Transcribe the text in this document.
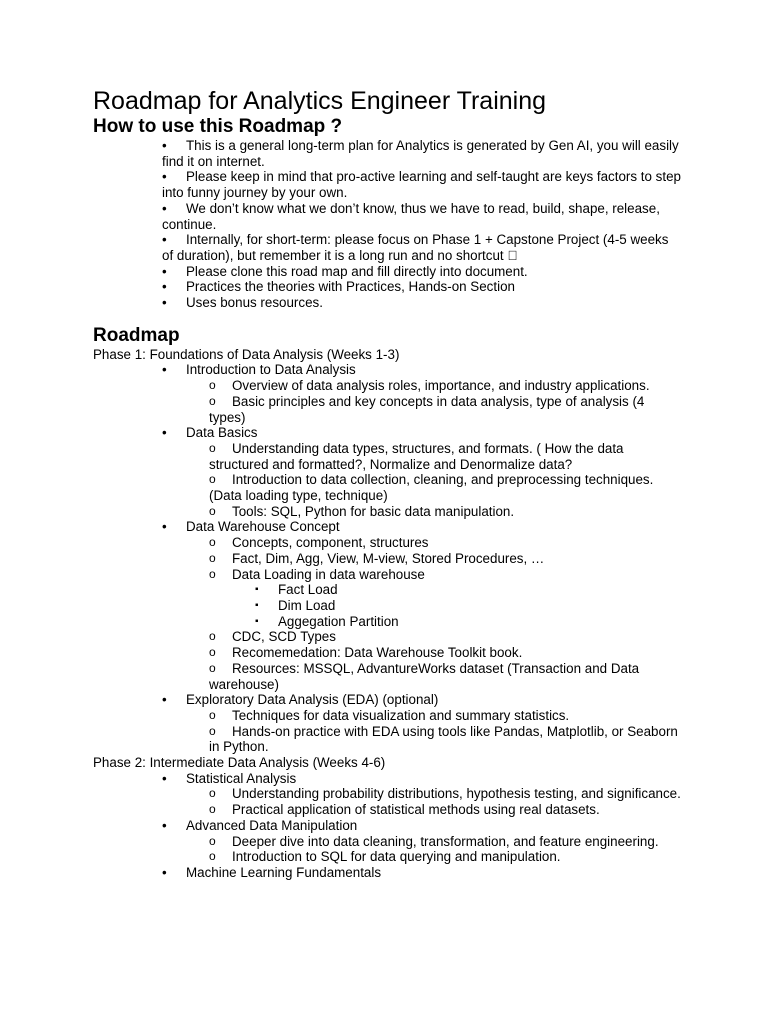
Roadmap for Analytics Engineer Training
How to use this Roadmap ?
• This is a general long-term plan for Analytics is generated by Gen AI, you will easily find it on internet.
• Please keep in mind that pro-active learning and self-taught are keys factors to step into funny journey by your own.
• We don’t know what we don’t know, thus we have to read, build, shape, release, continue.
• Internally, for short-term: please focus on Phase 1 + Capstone Project (4-5 weeks of duration), but remember it is a long run and no shortcut
• Please clone this road map and fill directly into document.
• Practices the theories with Practices, Hands-on Section
• Uses bonus resources.
Roadmap
Phase 1: Foundations of Data Analysis (Weeks 1-3)
• Introduction to Data Analysis
o Overview of data analysis roles, importance, and industry applications.
o Basic principles and key concepts in data analysis, type of analysis (4 types)
• Data Basics
o Understanding data types, structures, and formats. ( How the data structured and formatted?, Normalize and Denormalize data?
o Introduction to data collection, cleaning, and preprocessing techniques. (Data loading type, technique)
o Tools: SQL, Python for basic data manipulation.
• Data Warehouse Concept
o Concepts, component, structures
o Fact, Dim, Agg, View, M-view, Stored Procedures, …
o Data Loading in data warehouse
▪ Fact Load
▪ Dim Load
▪ Aggegation Partition
o CDC, SCD Types
o Recomemedation: Data Warehouse Toolkit book.
o Resources: MSSQL, AdvantureWorks dataset (Transaction and Data warehouse)
• Exploratory Data Analysis (EDA) (optional)
o Techniques for data visualization and summary statistics.
o Hands-on practice with EDA using tools like Pandas, Matplotlib, or Seaborn in Python.
Phase 2: Intermediate Data Analysis (Weeks 4-6)
• Statistical Analysis
o Understanding probability distributions, hypothesis testing, and significance.
o Practical application of statistical methods using real datasets.
• Advanced Data Manipulation
o Deeper dive into data cleaning, transformation, and feature engineering.
o Introduction to SQL for data querying and manipulation.
• Machine Learning Fundamentals
